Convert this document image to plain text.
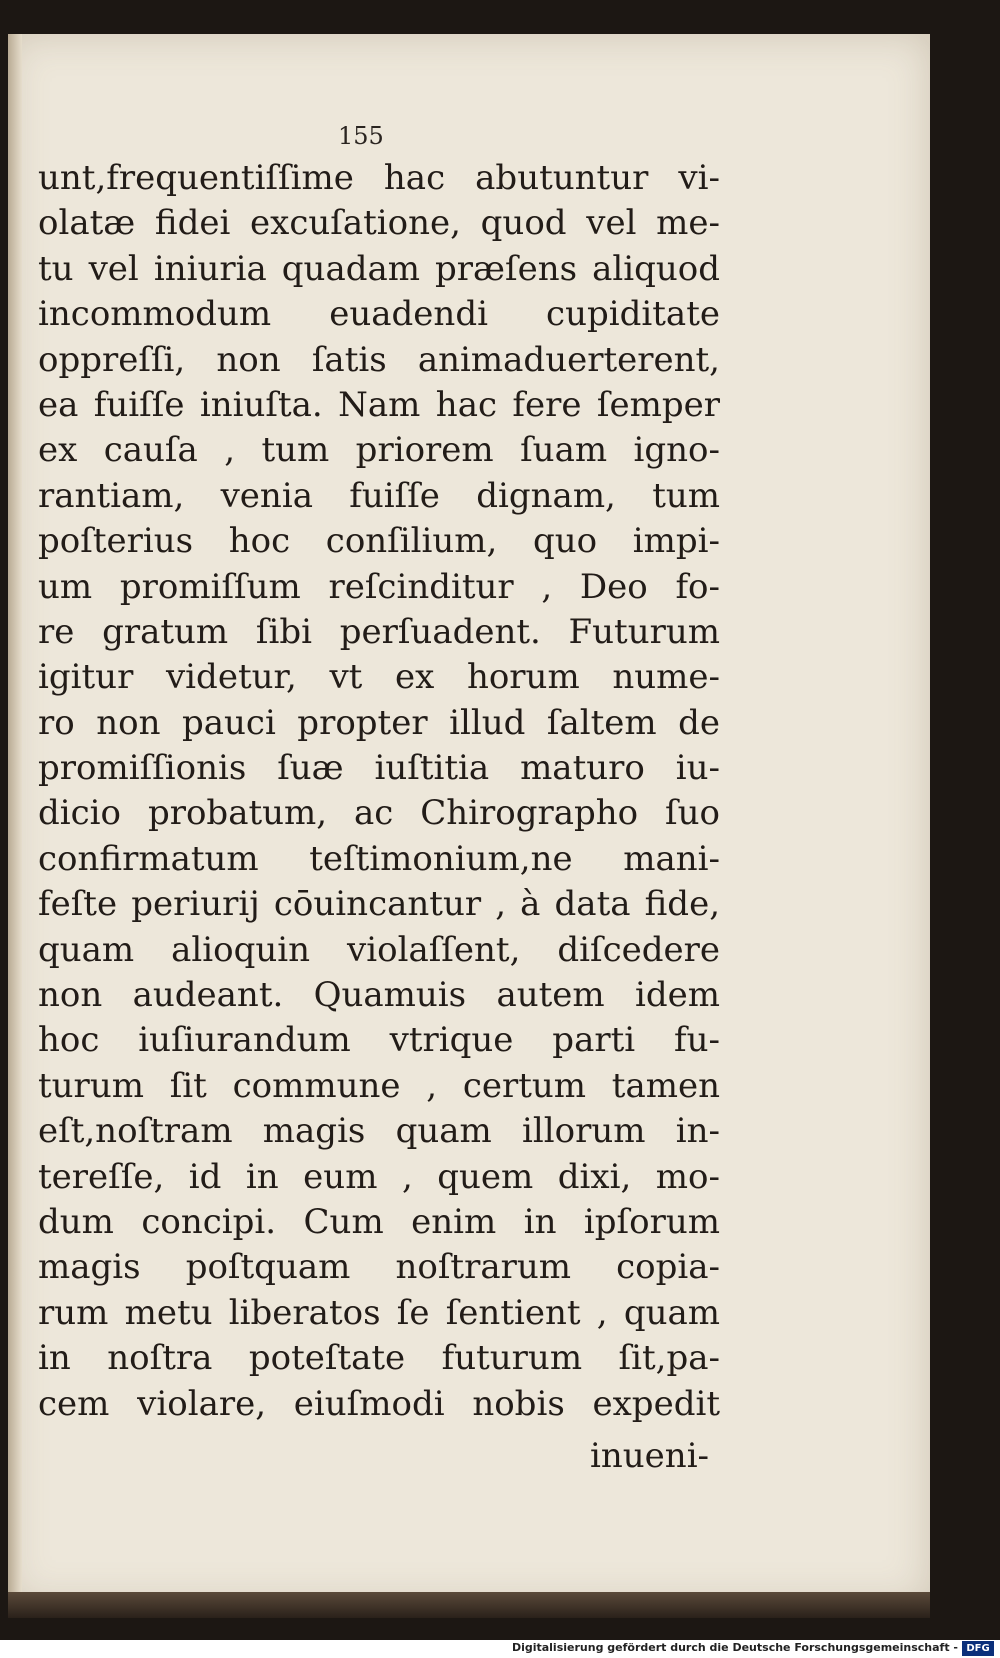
155
unt,frequentiſſime hac abutuntur vi-
olatæ fidei excuſatione, quod vel me-
tu vel iniuria quadam præſens aliquod
incommodum euadendi cupiditate
oppreſſi, non ſatis animaduerterent,
ea fuiſſe iniuſta. Nam hac fere ſemper
ex cauſa , tum priorem ſuam igno-
rantiam, venia fuiſſe dignam, tum
poſterius hoc conſilium, quo impi-
um promiſſum reſcinditur , Deo fo-
re gratum ſibi perſuadent. Futurum
igitur videtur, vt ex horum nume-
ro non pauci propter illud ſaltem de
promiſſionis ſuæ iuſtitia maturo iu-
dicio probatum, ac Chirographo ſuo
confirmatum teſtimonium,ne mani-
feſte periurij cōuincantur , à data fide,
quam alioquin violaſſent, diſcedere
non audeant. Quamuis autem idem
hoc iuſiurandum vtrique parti fu-
turum ſit commune , certum tamen
eſt,noſtram magis quam illorum in-
tereſſe, id in eum , quem dixi, mo-
dum concipi. Cum enim in ipſorum
magis poſtquam noſtrarum copia-
rum metu liberatos ſe ſentient , quam
in noſtra poteſtate futurum ſit,pa-
cem violare, eiuſmodi nobis expedit
inueni-
Digitalisierung gefördert durch die Deutsche Forschungsgemeinschaft - DFG
